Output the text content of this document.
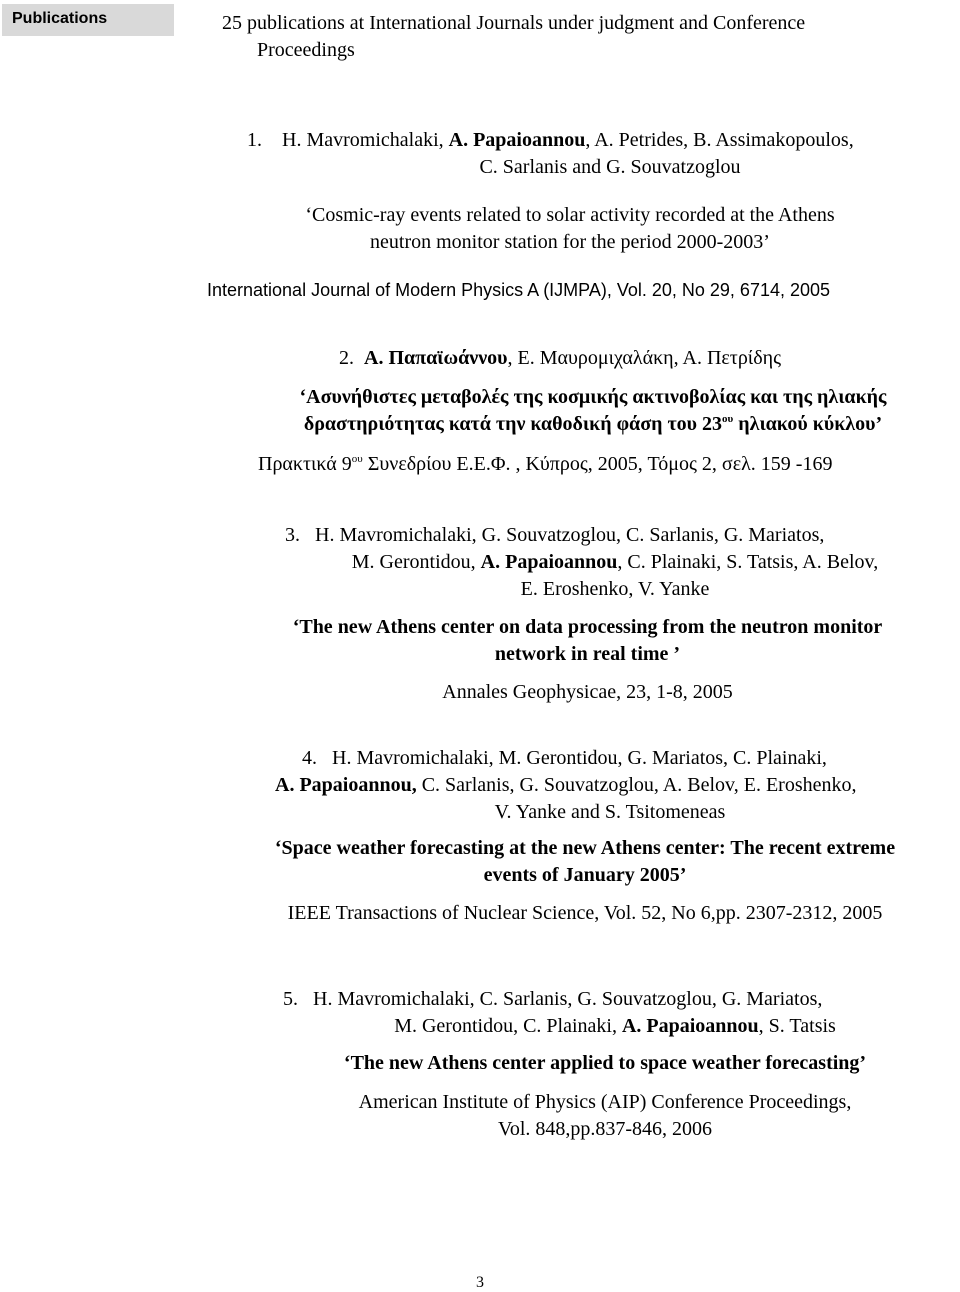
Publications	25 publications at International Journals under judgment and Conference
Proceedings
1. H. Mavromichalaki, A. Papaioannou, A. Petrides, B. Assimakopoulos,
C. Sarlanis and G. Souvatzoglou
‘Cosmic-ray events related to solar activity recorded at the Athens
neutron monitor station for the period 2000-2003’
International Journal of Modern Physics A (IJMPA), Vol. 20, No 29, 6714, 2005
2. Α. Παπαϊωάννου, Ε. Μαυρομιχαλάκη, Α. Πετρίδης
‘Ασυνήθιστες μεταβολές της κοσμικής ακτινοβολίας και της ηλιακής
δραστηριότητας κατά την καθοδική φάση του $23^{o\upsilon}$ ηλιακού κύκλου’
Πρακτικά $9^{o\upsilon}$ Συνεδρίου Ε.Ε.Φ. , Κύπρος, 2005, Τόμος 2, σελ. 159 -169
3. H. Mavromichalaki, G. Souvatzoglou, C. Sarlanis, G. Mariatos,
M. Gerontidou, A. Papaioannou, C. Plainaki, S. Tatsis, A. Belov,
E. Eroshenko, V. Yanke
‘The new Athens center on data processing from the neutron monitor
network in real time ’
Annales Geophysicae, 23, 1-8, 2005
4. H. Mavromichalaki, M. Gerontidou, G. Mariatos, C. Plainaki,
A. Papaioannou, C. Sarlanis, G. Souvatzoglou, A. Belov, E. Eroshenko,
V. Yanke and S. Tsitomeneas
‘Space weather forecasting at the new Athens center: The recent extreme
events of January 2005’
IEEE Transactions of Nuclear Science, Vol. 52, No 6,pp. 2307-2312, 2005
5. H. Mavromichalaki, C. Sarlanis, G. Souvatzoglou, G. Mariatos,
M. Gerontidou, C. Plainaki, A. Papaioannou, S. Tatsis
‘The new Athens center applied to space weather forecasting’
American Institute of Physics (AIP) Conference Proceedings,
Vol. 848,pp.837-846, 2006
3
